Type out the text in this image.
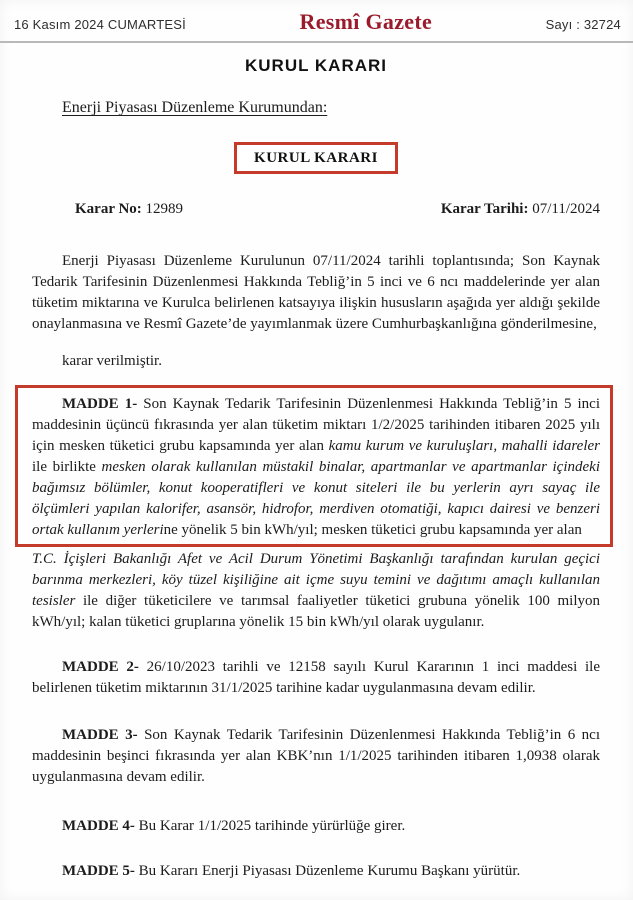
16 Kasım 2024 CUMARTESİ	Resmî Gazete	Sayı : 32724
KURUL KARARI
Enerji Piyasası Düzenleme Kurumundan:
KURUL KARARI
Karar No: 12989	Karar Tarihi: 07/11/2024

Enerji Piyasası Düzenleme Kurulunun 07/11/2024 tarihli toplantısında; Son Kaynak Tedarik Tarifesinin Düzenlenmesi Hakkında Tebliğ’in 5 inci ve 6 ncı maddelerinde yer alan tüketim miktarına ve Kurulca belirlenen katsayıya ilişkin hususların aşağıda yer aldığı şekilde onaylanmasına ve Resmî Gazete’de yayımlanmak üzere Cumhurbaşkanlığına gönderilmesine,

karar verilmiştir.

MADDE 1- Son Kaynak Tedarik Tarifesinin Düzenlenmesi Hakkında Tebliğ’in 5 inci maddesinin üçüncü fıkrasında yer alan tüketim miktarı 1/2/2025 tarihinden itibaren 2025 yılı için mesken tüketici grubu kapsamında yer alan kamu kurum ve kuruluşları, mahalli idareler ile birlikte mesken olarak kullanılan müstakil binalar, apartmanlar ve apartmanlar içindeki bağımsız bölümler, konut kooperatifleri ve konut siteleri ile bu yerlerin ayrı sayaç ile ölçümleri yapılan kalorifer, asansör, hidrofor, merdiven otomatiği, kapıcı dairesi ve benzeri ortak kullanım yerlerine yönelik 5 bin kWh/yıl; mesken tüketici grubu kapsamında yer alan

T.C. İçişleri Bakanlığı Afet ve Acil Durum Yönetimi Başkanlığı tarafından kurulan geçici barınma merkezleri, köy tüzel kişiliğine ait içme suyu temini ve dağıtımı amaçlı kullanılan tesisler ile diğer tüketicilere ve tarımsal faaliyetler tüketici grubuna yönelik 100 milyon kWh/yıl; kalan tüketici gruplarına yönelik 15 bin kWh/yıl olarak uygulanır.

MADDE 2- 26/10/2023 tarihli ve 12158 sayılı Kurul Kararının 1 inci maddesi ile belirlenen tüketim miktarının 31/1/2025 tarihine kadar uygulanmasına devam edilir.

MADDE 3- Son Kaynak Tedarik Tarifesinin Düzenlenmesi Hakkında Tebliğ’in 6 ncı maddesinin beşinci fıkrasında yer alan KBK’nın 1/1/2025 tarihinden itibaren 1,0938 olarak uygulanmasına devam edilir.

MADDE 4- Bu Karar 1/1/2025 tarihinde yürürlüğe girer.

MADDE 5- Bu Kararı Enerji Piyasası Düzenleme Kurumu Başkanı yürütür.
